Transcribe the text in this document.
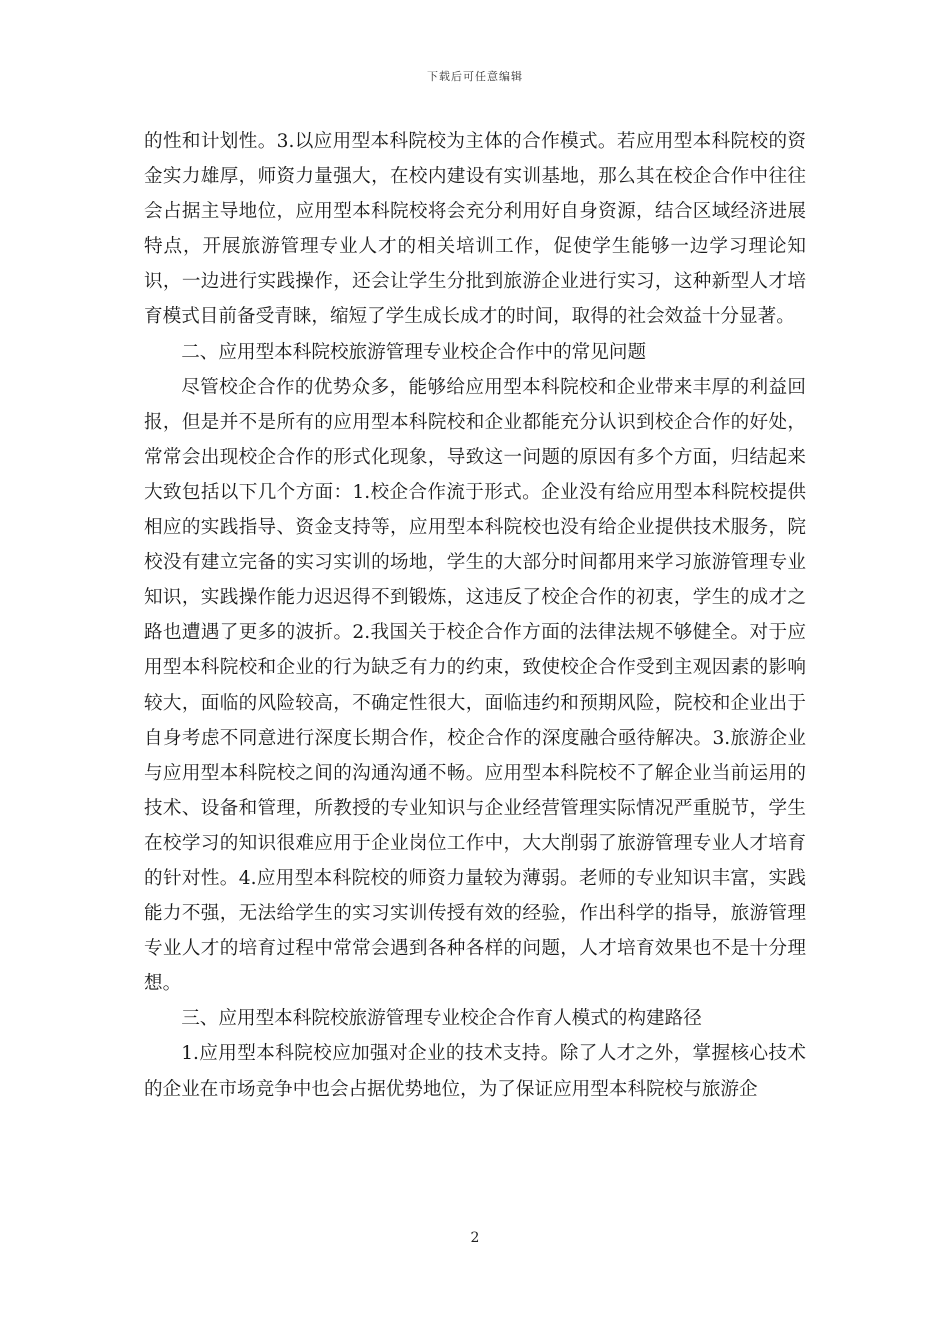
下载后可任意编辑

的性和计划性。3.以应用型本科院校为主体的合作模式。若应用型本科院校的资金实力雄厚，师资力量强大，在校内建设有实训基地，那么其在校企合作中往往会占据主导地位，应用型本科院校将会充分利用好自身资源，结合区域经济进展特点，开展旅游管理专业人才的相关培训工作，促使学生能够一边学习理论知识，一边进行实践操作，还会让学生分批到旅游企业进行实习，这种新型人才培育模式目前备受青睐，缩短了学生成长成才的时间，取得的社会效益十分显著。

二、应用型本科院校旅游管理专业校企合作中的常见问题

尽管校企合作的优势众多，能够给应用型本科院校和企业带来丰厚的利益回报，但是并不是所有的应用型本科院校和企业都能充分认识到校企合作的好处，常常会出现校企合作的形式化现象，导致这一问题的原因有多个方面，归结起来大致包括以下几个方面：1.校企合作流于形式。企业没有给应用型本科院校提供相应的实践指导、资金支持等，应用型本科院校也没有给企业提供技术服务，院校没有建立完备的实习实训的场地，学生的大部分时间都用来学习旅游管理专业知识，实践操作能力迟迟得不到锻炼，这违反了校企合作的初衷，学生的成才之路也遭遇了更多的波折。2.我国关于校企合作方面的法律法规不够健全。对于应用型本科院校和企业的行为缺乏有力的约束，致使校企合作受到主观因素的影响较大，面临的风险较高，不确定性很大，面临违约和预期风险，院校和企业出于自身考虑不同意进行深度长期合作，校企合作的深度融合亟待解决。3.旅游企业与应用型本科院校之间的沟通沟通不畅。应用型本科院校不了解企业当前运用的技术、设备和管理，所教授的专业知识与企业经营管理实际情况严重脱节，学生在校学习的知识很难应用于企业岗位工作中，大大削弱了旅游管理专业人才培育的针对性。4.应用型本科院校的师资力量较为薄弱。老师的专业知识丰富，实践能力不强，无法给学生的实习实训传授有效的经验，作出科学的指导，旅游管理专业人才的培育过程中常常会遇到各种各样的问题，人才培育效果也不是十分理想。

三、应用型本科院校旅游管理专业校企合作育人模式的构建路径

1.应用型本科院校应加强对企业的技术支持。除了人才之外，掌握核心技术的企业在市场竞争中也会占据优势地位，为了保证应用型本科院校与旅游企

2
